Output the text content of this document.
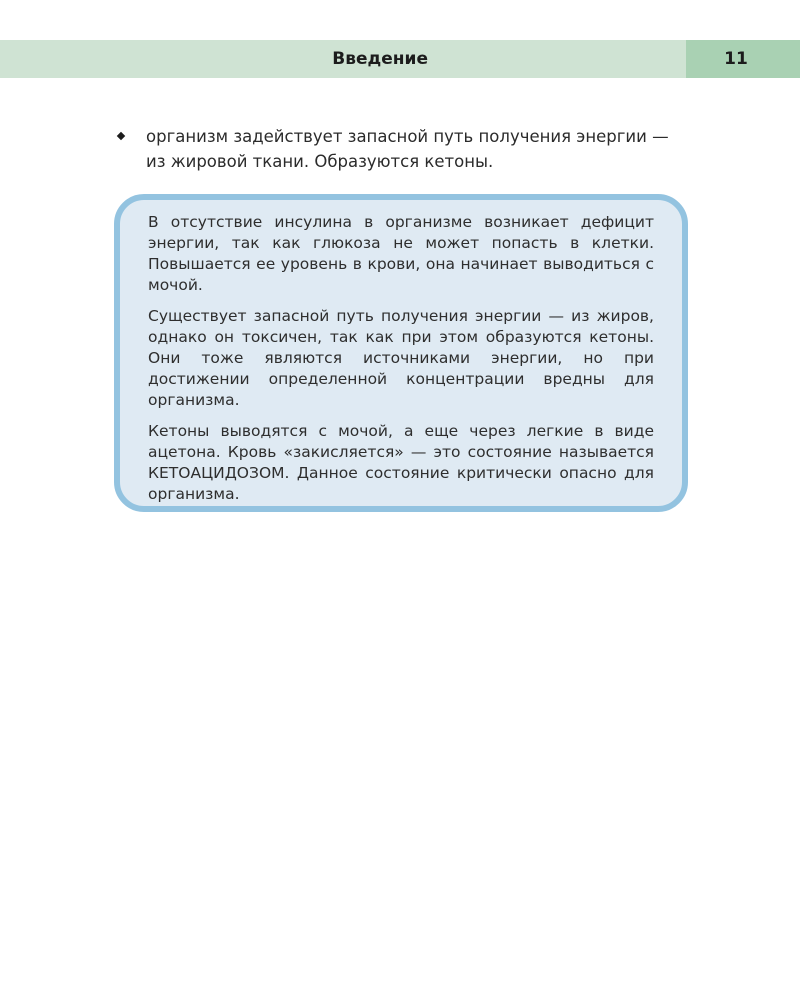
Введение	11
организм задействует запасной путь получения энергии — из жировой ткани. Образуются кетоны.

В отсутствие инсулина в организме возникает дефицит энергии, так как глюкоза не может попасть в клетки. Повышается ее уровень в крови, она начинает выводиться с мочой.

Существует запасной путь получения энергии — из жиров, однако он токсичен, так как при этом образуются кетоны. Они тоже являются источниками энергии, но при достижении определенной концентрации вредны для организма.

Кетоны выводятся с мочой, а еще через легкие в виде ацетона. Кровь «закисляется» — это состояние называется КЕТОАЦИДОЗОМ. Данное состояние критически опасно для организма.
